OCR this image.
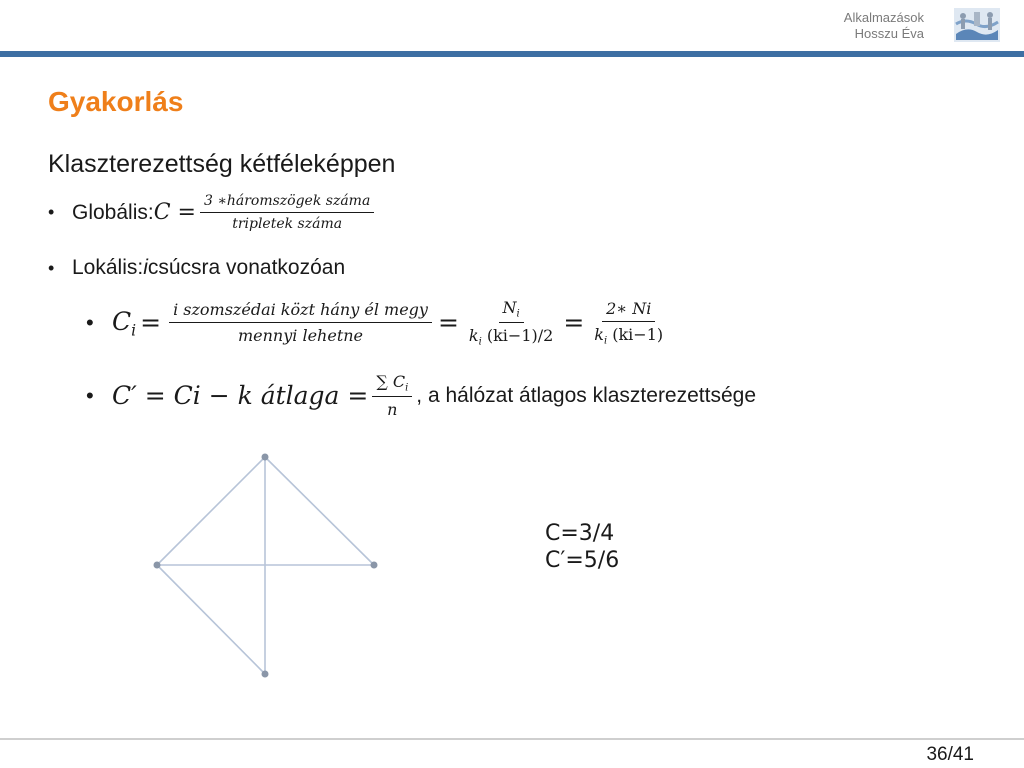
Alkalmazások
Hosszu Éva
Gyakorlás
Klaszterezettség kétféleképpen
• Globális: $C = \frac{\text{3 ∗háromszögek száma}}{\text{tripletek száma}}$
• Lokális: i csúcsra vonatkozóan
• $C_i = \frac{\text{i szomszédai közt hány él megy}}{\text{mennyi lehetne}} = \frac{N_i}{k_i (ki-1)/2} = \frac{2∗ Ni}{k_i (ki-1)}$
• C′ = Ci − k átlaga = $\frac{\sum C_i}{n}$ , a hálózat átlagos klaszterezettsége
C=3/4
C′=5/6
36/41
